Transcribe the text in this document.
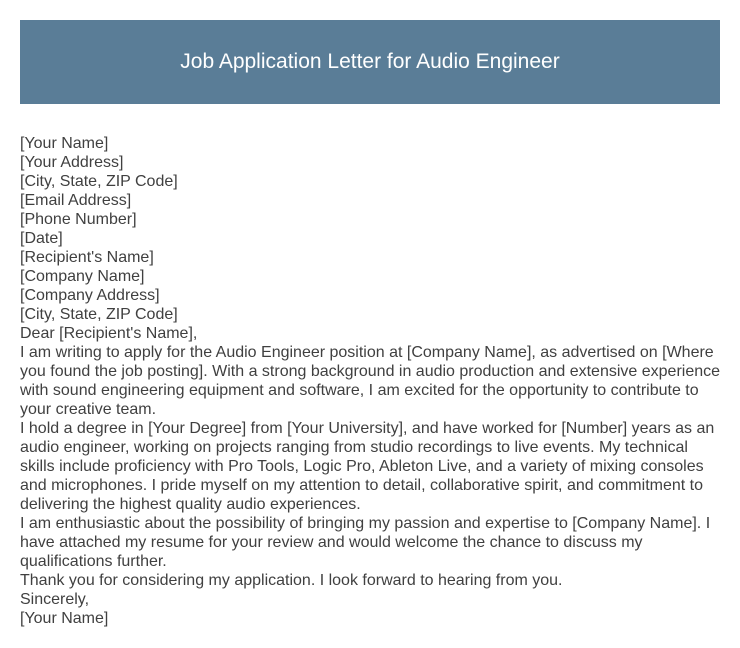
Job Application Letter for Audio Engineer
[Your Name]
[Your Address]
[City, State, ZIP Code]
[Email Address]
[Phone Number]
[Date]
[Recipient's Name]
[Company Name]
[Company Address]
[City, State, ZIP Code]
Dear [Recipient's Name],
I am writing to apply for the Audio Engineer position at [Company Name], as advertised on [Where you found the job posting]. With a strong background in audio production and extensive experience with sound engineering equipment and software, I am excited for the opportunity to contribute to your creative team.
I hold a degree in [Your Degree] from [Your University], and have worked for [Number] years as an audio engineer, working on projects ranging from studio recordings to live events. My technical skills include proficiency with Pro Tools, Logic Pro, Ableton Live, and a variety of mixing consoles and microphones. I pride myself on my attention to detail, collaborative spirit, and commitment to delivering the highest quality audio experiences.
I am enthusiastic about the possibility of bringing my passion and expertise to [Company Name]. I have attached my resume for your review and would welcome the chance to discuss my qualifications further.
Thank you for considering my application. I look forward to hearing from you.
Sincerely,
[Your Name]
